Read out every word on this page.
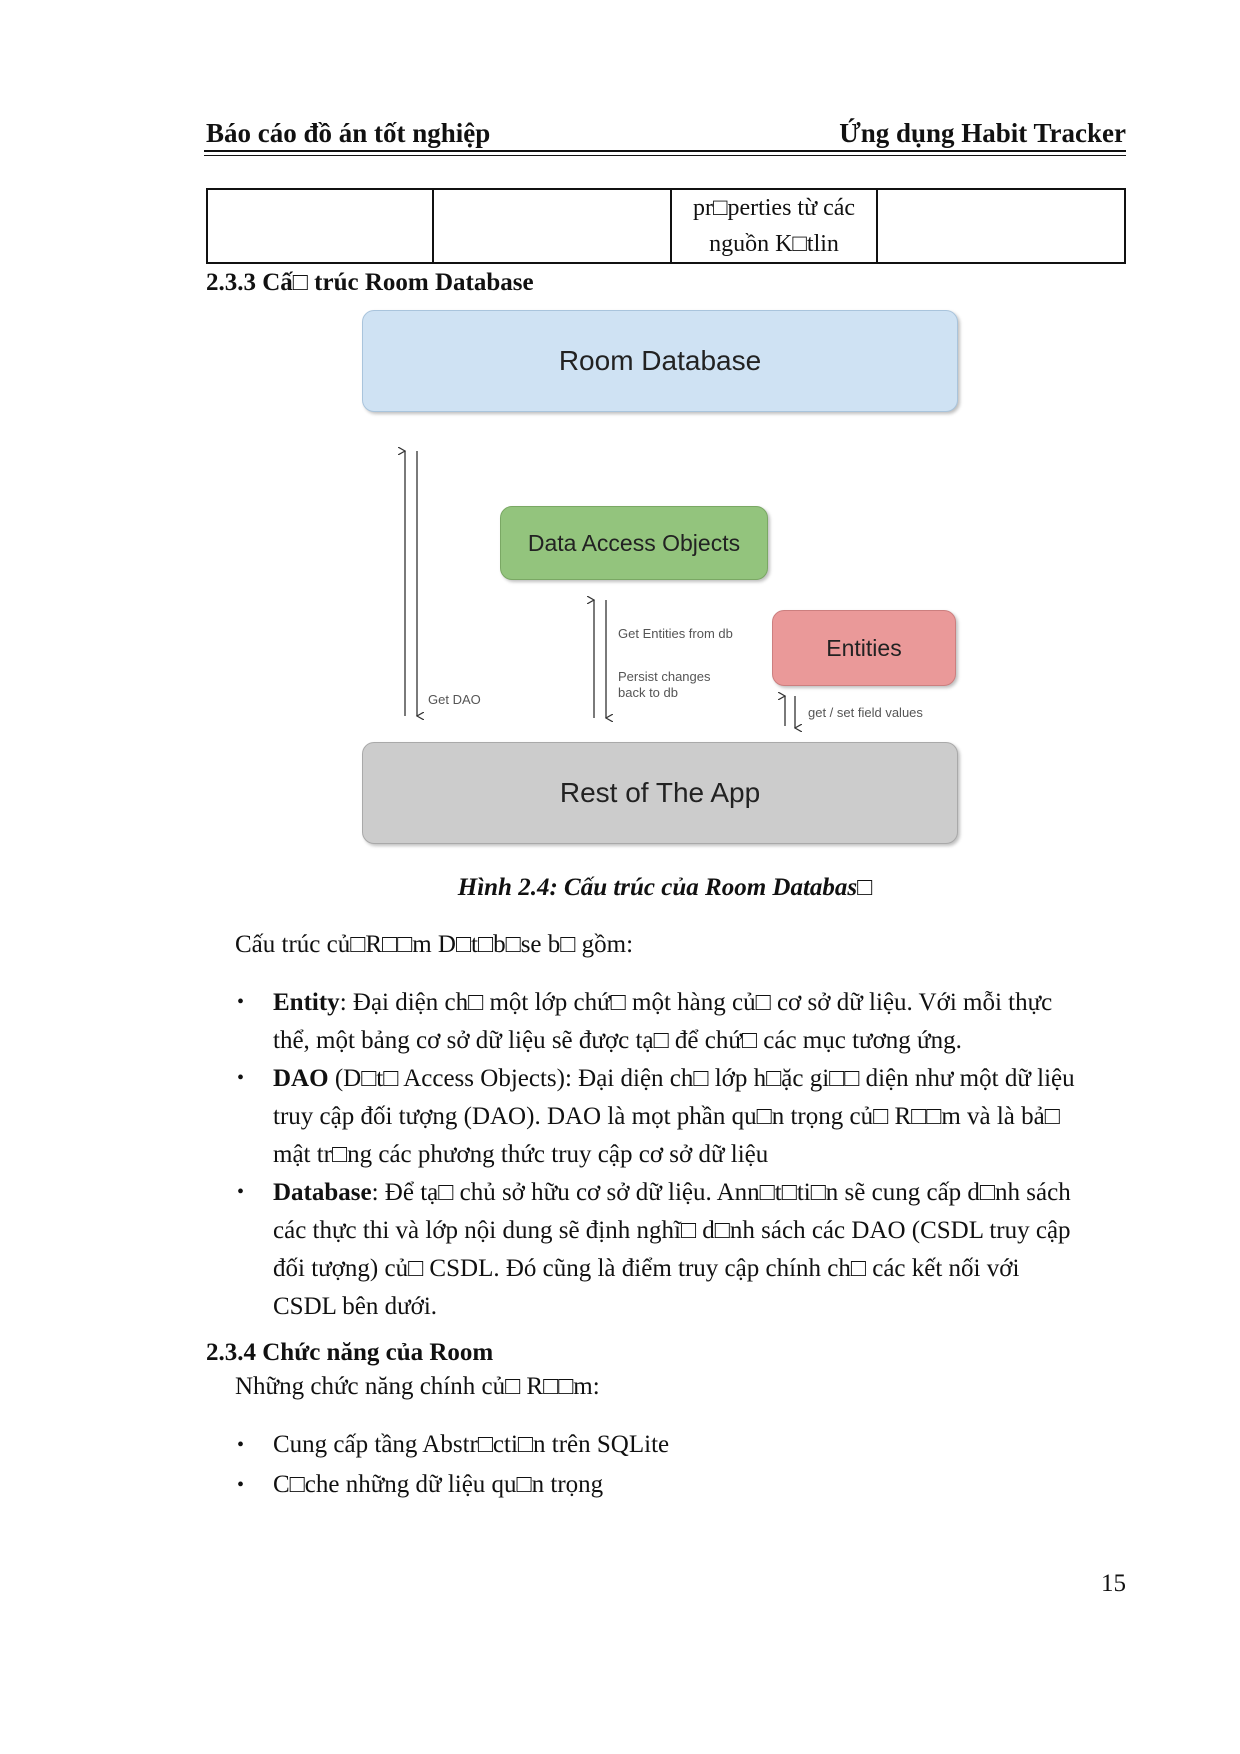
Báo cáo đồ án tốt nghiệp	Ứng dụng Habit Tracker

pr□perties từ các
nguồn K□tlin

2.3.3 Cấ□ trúc Room Database
Room Database
Data Access Objects
Entities
Rest of The App
Get DAO
Get Entities from db
Persist changes
back to db
get / set field values
Hình 2.4: Cấu trúc của Room Databas□
Cấu trúc củ□R□□m D□t□b□se b□ gồm:
• Entity: Đại diện ch□ một lớp chứ□ một hàng củ□ cơ sở dữ liệu. Với mỗi thực
thể, một bảng cơ sở dữ liệu sẽ được tạ□ để chứ□ các mục tương ứng.
• DAO (D□t□ Access Objects): Đại diện ch□ lớp h□ặc gi□□ diện như một dữ liệu
truy cập đối tượng (DAO). DAO là mọt phần qu□n trọng củ□ R□□m và là bả□
mật tr□ng các phương thức truy cập cơ sở dữ liệu
• Database: Để tạ□ chủ sở hữu cơ sở dữ liệu. Ann□t□ti□n sẽ cung cấp d□nh sách
các thực thi và lớp nội dung sẽ định nghĩ□ d□nh sách các DAO (CSDL truy cập
đối tượng) củ□ CSDL. Đó cũng là điểm truy cập chính ch□ các kết nối với
CSDL bên dưới.
2.3.4 Chức năng của Room
Những chức năng chính củ□ R□□m:
• Cung cấp tầng Abstr□cti□n trên SQLite
• C□che những dữ liệu qu□n trọng
15
